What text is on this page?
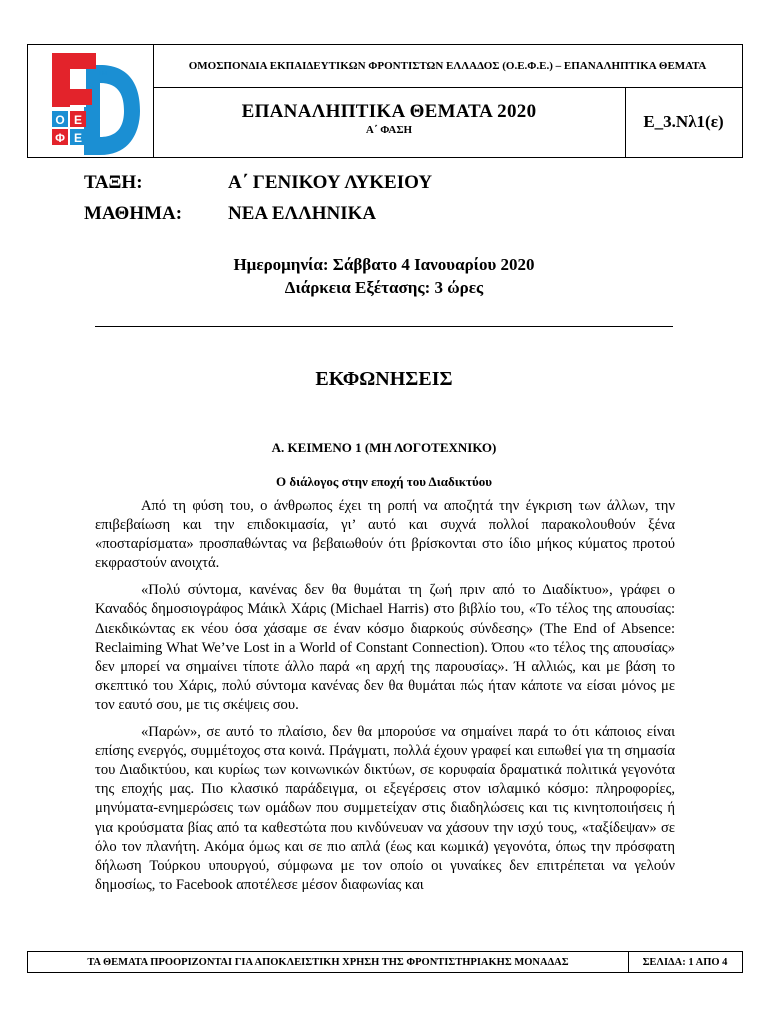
Ο Ε
Φ Ε
TM
ΟΜΟΣΠΟΝΔΙΑ ΕΚΠΑΙΔΕΥΤΙΚΩΝ ΦΡΟΝΤΙΣΤΩΝ ΕΛΛΑΔΟΣ (Ο.Ε.Φ.Ε.) – ΕΠΑΝΑΛΗΠΤΙΚΑ ΘΕΜΑΤΑ
ΕΠΑΝΑΛΗΠΤΙΚΑ ΘΕΜΑΤΑ 2020
Α΄ ΦΑΣΗ	Ε_3.Νλ1(ε)
ΤΑΞΗ:	Α΄ ΓΕΝΙΚΟΥ ΛΥΚΕΙΟΥ
ΜΑΘΗΜΑ: ΝΕΑ ΕΛΛΗΝΙΚΑ
Ημερομηνία: Σάββατο 4 Ιανουαρίου 2020
Διάρκεια Εξέτασης: 3 ώρες
ΕΚΦΩΝΗΣΕΙΣ
Α. ΚΕΙΜΕΝΟ 1 (ΜΗ ΛΟΓΟΤΕΧΝΙΚΟ)
Ο διάλογος στην εποχή του Διαδικτύου

Από τη φύση του, ο άνθρωπος έχει τη ροπή να αποζητά την έγκριση των άλλων, την επιβεβαίωση και την επιδοκιμασία, γι’ αυτό και συχνά πολλοί παρακολουθούν ξένα «ποσταρίσματα» προσπαθώντας να βεβαιωθούν ότι βρίσκονται στο ίδιο μήκος κύματος προτού εκφραστούν ανοιχτά.

«Πολύ σύντομα, κανένας δεν θα θυμάται τη ζωή πριν από το Διαδίκτυο», γράφει ο Καναδός δημοσιογράφος Μάικλ Χάρις (Michael Harris) στο βιβλίο του, «Το τέλος της απουσίας: Διεκδικώντας εκ νέου όσα χάσαμε σε έναν κόσμο διαρκούς σύνδεσης» (The End of Absence: Reclaiming What We’ve Lost in a World of Constant Connection). Όπου «το τέλος της απουσίας» δεν μπορεί να σημαίνει τίποτε άλλο παρά «η αρχή της παρουσίας». Ή αλλιώς, και με βάση το σκεπτικό του Χάρις, πολύ σύντομα κανένας δεν θα θυμάται πώς ήταν κάποτε να είσαι μόνος με τον εαυτό σου, με τις σκέψεις σου.

«Παρών», σε αυτό το πλαίσιο, δεν θα μπορούσε να σημαίνει παρά το ότι κάποιος είναι επίσης ενεργός, συμμέτοχος στα κοινά. Πράγματι, πολλά έχουν γραφεί και ειπωθεί για τη σημασία του Διαδικτύου, και κυρίως των κοινωνικών δικτύων, σε κορυφαία δραματικά πολιτικά γεγονότα της εποχής μας. Πιο κλασικό παράδειγμα, οι εξεγέρσεις στον ισλαμικό κόσμο: πληροφορίες, μηνύματα-ενημερώσεις των ομάδων που συμμετείχαν στις διαδηλώσεις και τις κινητοποιήσεις ή για κρούσματα βίας από τα καθεστώτα που κινδύνευαν να χάσουν την ισχύ τους, «ταξίδεψαν» σε όλο τον πλανήτη. Ακόμα όμως και σε πιο απλά (έως και κωμικά) γεγονότα, όπως την πρόσφατη δήλωση Τούρκου υπουργού, σύμφωνα με τον οποίο οι γυναίκες δεν επιτρέπεται να γελούν δημοσίως, το Facebook αποτέλεσε μέσον διαφωνίας και

ΤΑ ΘΕΜΑΤΑ ΠΡΟΟΡΙΖΟΝΤΑΙ ΓΙΑ ΑΠΟΚΛΕΙΣΤΙΚΗ ΧΡΗΣΗ ΤΗΣ ΦΡΟΝΤΙΣΤΗΡΙΑΚΗΣ ΜΟΝΑΔΑΣ	ΣΕΛΙΔΑ: 1 ΑΠΟ 4
